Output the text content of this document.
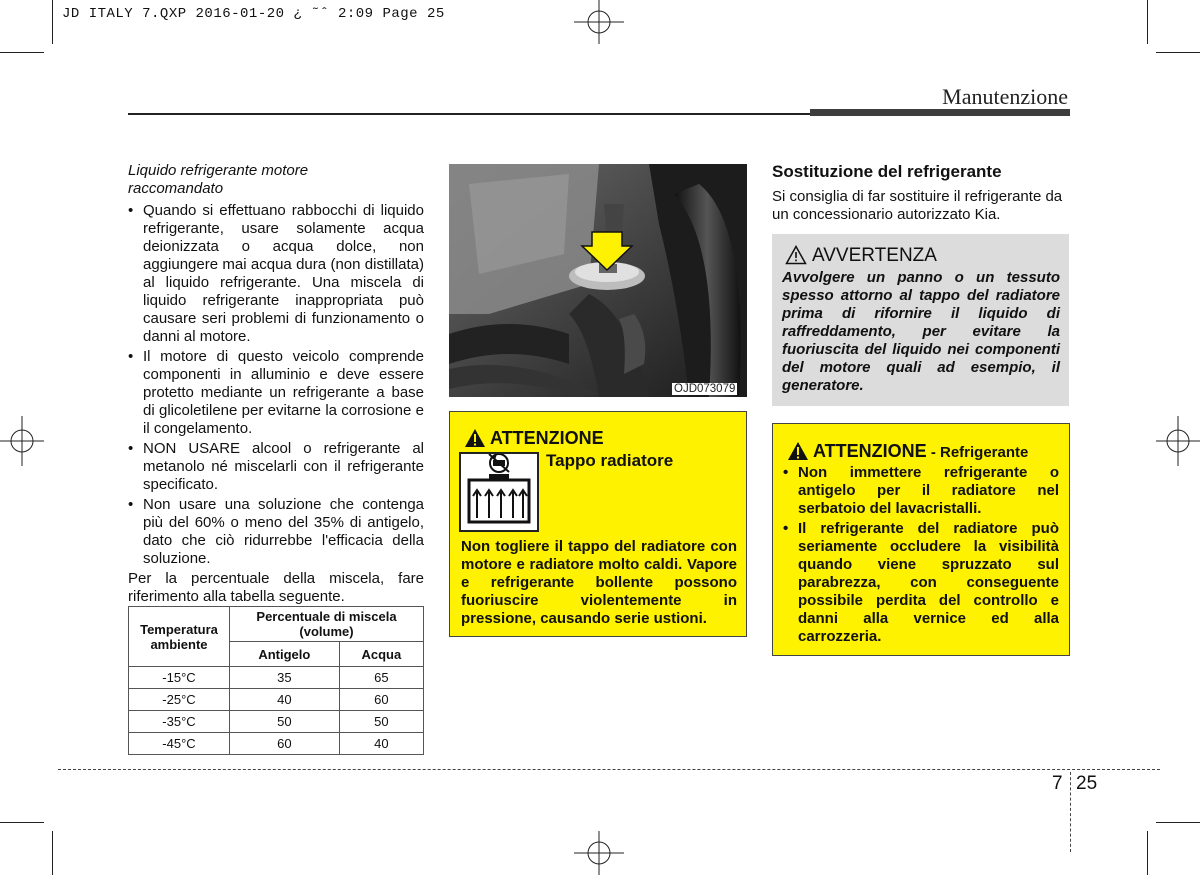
JD ITALY 7.QXP 2016-01-20 ¿ ˜ˆ 2:09 Page 25
Manutenzione
Liquido refrigerante motore
raccomandato
• Quando si effettuano rabbocchi di liquido refrigerante, usare solamente acqua deionizzata o acqua dolce, non aggiungere mai acqua dura (non distillata) al liquido refrigerante. Una miscela di liquido refrigerante inappropriata può causare seri problemi di funzionamento o danni al motore.
• Il motore di questo veicolo comprende componenti in alluminio e deve essere protetto mediante un refrigerante a base di glicoletilene per evitarne la corrosione e il congelamento.
• NON USARE alcool o refrigerante al metanolo né miscelarli con il refrigerante specificato.
• Non usare una soluzione che contenga più del 60% o meno del 35% di antigelo, dato che ciò ridurrebbe l'efficacia della soluzione.

Per la percentuale della miscela, fare riferimento alla tabella seguente.

Temperatura ambiente	Percentuale di miscela (volume)	
	Antigelo	Acqua
-15°C	35	65
-25°C	40	60
-35°C	50	50
-45°C	60	40
OJD073079
ATTENZIONE
Tappo radiatore
Non togliere il tappo del radiatore con motore e radiatore molto caldi. Vapore e refrigerante bollente possono fuoriuscire violentemente in pressione, causando serie ustioni.
Sostituzione del refrigerante
Si consiglia di far sostituire il refrigerante da un concessionario autorizzato Kia.
AVVERTENZA
Avvolgere un panno o un tessuto spesso attorno al tappo del radiatore prima di rifornire il liquido di raffreddamento, per evitare la fuoriuscita del liquido nei componenti del motore quali ad esempio, il generatore.
ATTENZIONE - Refrigerante
• Non immettere refrigerante o antigelo per il radiatore nel serbatoio del lavacristalli.
• Il refrigerante del radiatore può seriamente occludere la visibilità quando viene spruzzato sul parabrezza, con conseguente possibile perdita del controllo e danni alla vernice ed alla carrozzeria.
7 25
